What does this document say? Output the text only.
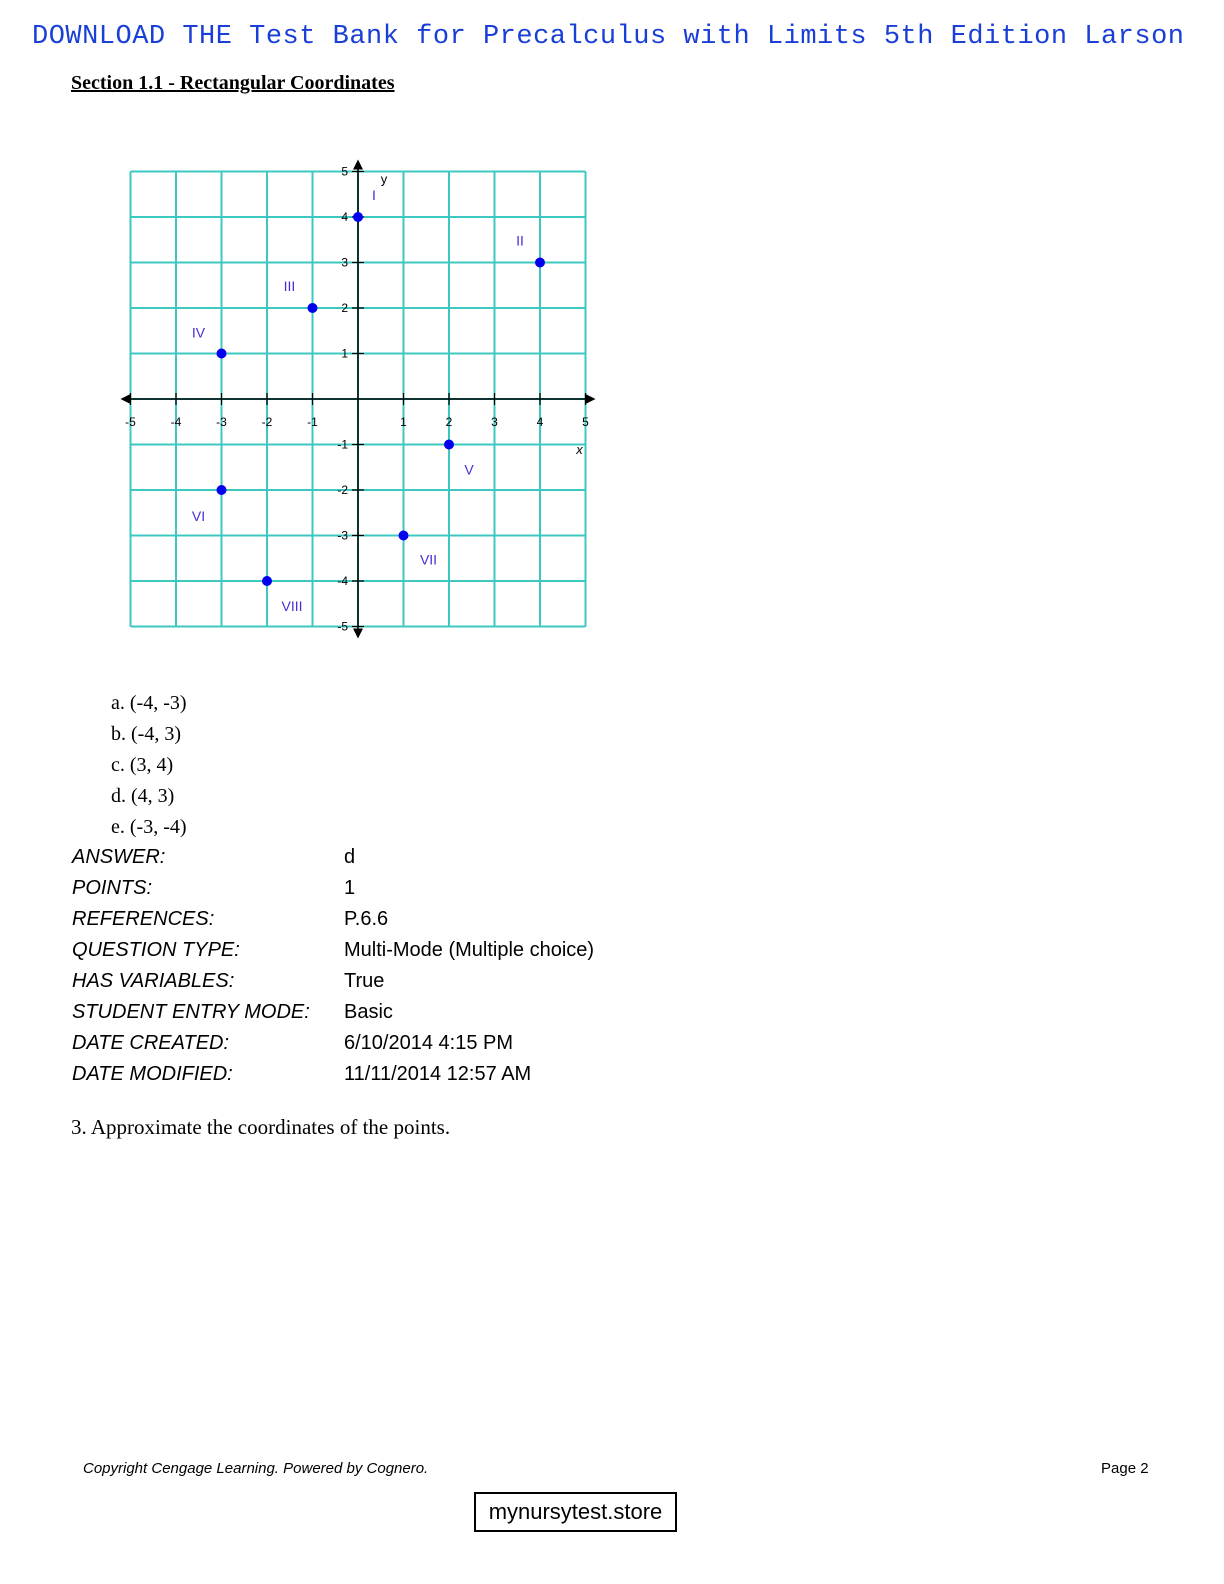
DOWNLOAD THE Test Bank for Precalculus with Limits 5th Edition Larson
Section 1.1 - Rectangular Coordinates
-5	-4	-3	-2	-1	1	2	3	4	5
5
4
3
2
1
-1
-2
-3
-4
-5
x
y
I
II
III
IV
V
VI
VII
VIII
a. (-4, -3)
b. (-4, 3)
c. (3, 4)
d. (4, 3)
e. (-3, -4)
ANSWER:	d
POINTS:	1
REFERENCES:	P.6.6
QUESTION TYPE:	Multi-Mode (Multiple choice)
HAS VARIABLES:	True
STUDENT ENTRY MODE:	Basic
DATE CREATED:	6/10/2014 4:15 PM
DATE MODIFIED:	11/11/2014 12:57 AM
3. Approximate the coordinates of the points.
Copyright Cengage Learning. Powered by Cognero.	Page 2
mynursytest.store
